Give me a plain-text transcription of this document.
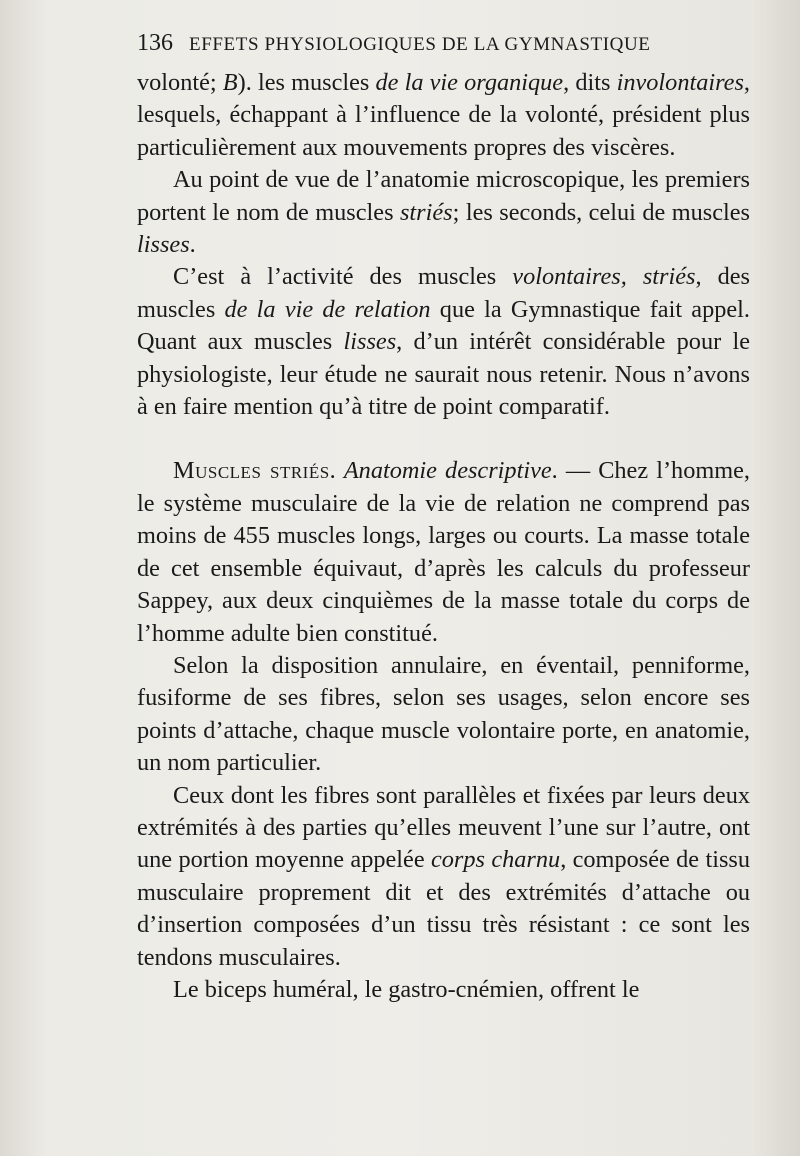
136 EFFETS PHYSIOLOGIQUES DE LA GYMNASTIQUE

volonté; B). les muscles de la vie organique, dits involontaires, lesquels, échappant à l’influence de la volonté, président plus particulièrement aux mouvements propres des viscères.

Au point de vue de l’anatomie microscopique, les premiers portent le nom de muscles striés; les seconds, celui de muscles lisses.

C’est à l’activité des muscles volontaires, striés, des muscles de la vie de relation que la Gymnastique fait appel. Quant aux muscles lisses, d’un intérêt considérable pour le physiologiste, leur étude ne saurait nous retenir. Nous n’avons à en faire mention qu’à titre de point comparatif.

Muscles striés. Anatomie descriptive. — Chez l’homme, le système musculaire de la vie de relation ne comprend pas moins de 455 muscles longs, larges ou courts. La masse totale de cet ensemble équivaut, d’après les calculs du professeur Sappey, aux deux cinquièmes de la masse totale du corps de l’homme adulte bien constitué.

Selon la disposition annulaire, en éventail, penniforme, fusiforme de ses fibres, selon ses usages, selon encore ses points d’attache, chaque muscle volontaire porte, en anatomie, un nom particulier.

Ceux dont les fibres sont parallèles et fixées par leurs deux extrémités à des parties qu’elles meuvent l’une sur l’autre, ont une portion moyenne appelée corps charnu, composée de tissu musculaire proprement dit et des extrémités d’attache ou d’insertion composées d’un tissu très résistant : ce sont les tendons musculaires.

Le biceps huméral, le gastro-cnémien, offrent le
